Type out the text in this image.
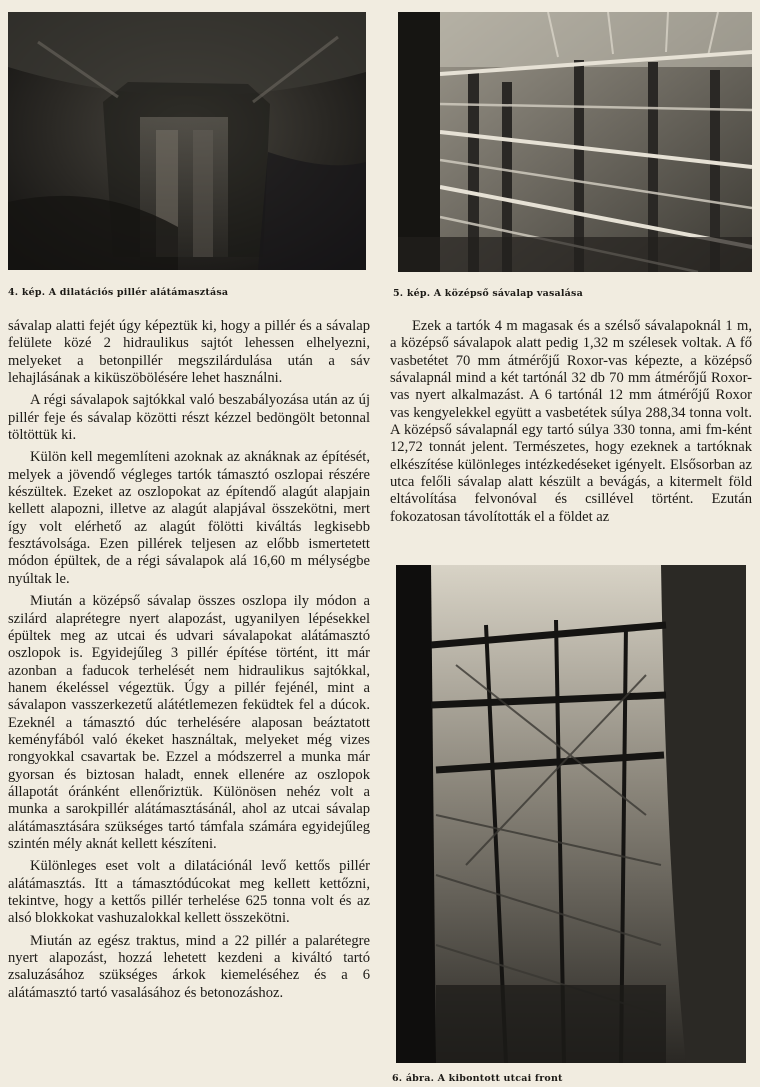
4. kép. A dilatációs pillér alátámasztása	5. kép. A középső sávalap vasalása

sávalap alatti fejét úgy képeztük ki, hogy a pillér és a sávalap felülete közé 2 hidraulikus sajtót lehessen elhelyezni, melyeket a betonpillér megszilárdulása után a sáv lehajlásának a kiküszöbölésére lehet használni.

A régi sávalapok sajtókkal való beszabályozása után az új pillér feje és sávalap közötti részt kézzel bedöngölt betonnal töltöttük ki.

Külön kell megemlíteni azoknak az aknáknak az építését, melyek a jövendő végleges tartók támasztó oszlopai részére készültek. Ezeket az oszlopokat az építendő alagút alapjain kellett alapozni, illetve az alagút alapjával összekötni, mert így volt elérhető az alagút fölötti kiváltás legkisebb fesztávolsága. Ezen pillérek teljesen az előbb ismertetett módon épültek, de a régi sávalapok alá 16,60 m mélységbe nyúltak le.

Miután a középső sávalap összes oszlopa ily módon a szilárd alaprétegre nyert alapozást, ugyanilyen lépésekkel épültek meg az utcai és udvari sávalapokat alátámasztó oszlopok is. Egyidejűleg 3 pillér építése történt, itt már azonban a faducok terhelését nem hidraulikus sajtókkal, hanem ékeléssel végeztük. Úgy a pillér fejénél, mint a sávalapon vasszerkezetű alátétlemezen feküdtek fel a dúcok. Ezeknél a támasztó dúc terhelésére alaposan beáztatott keményfából való ékeket használtak, melyeket még vizes rongyokkal csavartak be. Ezzel a módszerrel a munka már gyorsan és biztosan haladt, ennek ellenére az oszlopok állapotát óránként ellenőriztük. Különösen nehéz volt a munka a sarokpillér alátámasztásánál, ahol az utcai sávalap alátámasztására szükséges tartó támfala számára egyidejűleg szintén mély aknát kellett készíteni.

Különleges eset volt a dilatációnál levő kettős pillér alátámasztás. Itt a támasztódúcokat meg kellett kettőzni, tekintve, hogy a kettős pillér terhelése 625 tonna volt és az alsó blokkokat vashuzalokkal kellett összekötni.

Miután az egész traktus, mind a 22 pillér a palarétegre nyert alapozást, hozzá lehetett kezdeni a kiváltó tartó zsaluzásához szükséges árkok kiemeléséhez és a 6 alátámasztó tartó vasalásához és betonozáshoz.

Ezek a tartók 4 m magasak és a szélső sávalapoknál 1 m, a középső sávalapok alatt pedig 1,32 m szélesek voltak. A fő vasbetétet 70 mm átmérőjű Roxor-vas képezte, a középső sávalapnál mind a két tartónál 32 db 70 mm átmérőjű Roxor-vas nyert alkalmazást. A 6 tartónál 12 mm átmérőjű Roxor vas kengyelekkel együtt a vasbetétek súlya 288,34 tonna volt. A középső sávalapnál egy tartó súlya 330 tonna, ami fm-ként 12,72 tonnát jelent. Természetes, hogy ezeknek a tartóknak elkészítése különleges intézkedéseket igényelt. Elsősorban az utca felőli sávalap alatt készült a bevágás, a kitermelt föld eltávolítása felvonóval és csillével történt. Ezután fokozatosan távolították el a földet az

6. ábra. A kibontott utcai front
